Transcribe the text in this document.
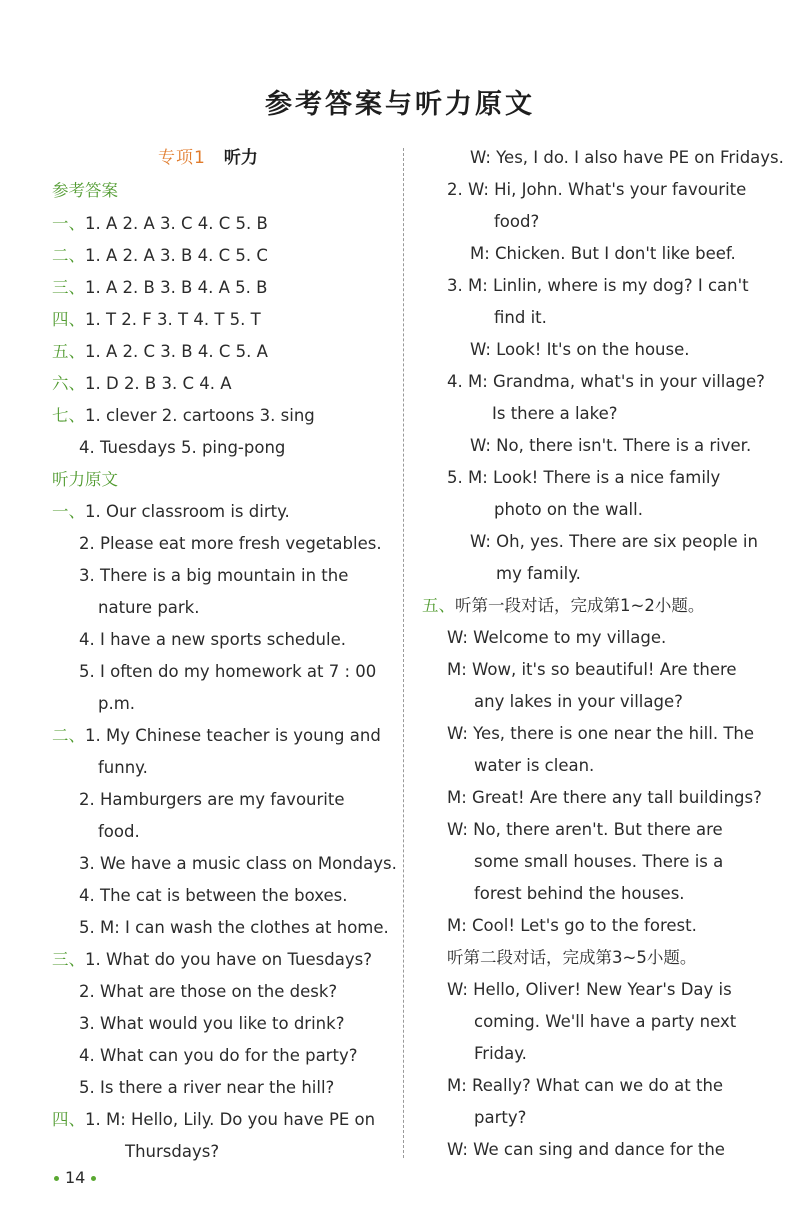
参考答案与听力原文
专项1 听力
参考答案
一、1. A 2. A 3. C 4. C 5. B
二、1. A 2. A 3. B 4. C 5. C
三、1. A 2. B 3. B 4. A 5. B
四、1. T 2. F 3. T 4. T 5. T
五、1. A 2. C 3. B 4. C 5. A
六、1. D 2. B 3. C 4. A
七、1. clever 2. cartoons 3. sing
4. Tuesdays 5. ping-pong
听力原文
一、1. Our classroom is dirty.
2. Please eat more fresh vegetables.
3. There is a big mountain in the
nature park.
4. I have a new sports schedule.
5. I often do my homework at 7 : 00
p.m.
二、1. My Chinese teacher is young and
funny.
2. Hamburgers are my favourite
food.
3. We have a music class on Mondays.
4. The cat is between the boxes.
5. M: I can wash the clothes at home.
三、1. What do you have on Tuesdays?
2. What are those on the desk?
3. What would you like to drink?
4. What can you do for the party?
5. Is there a river near the hill?
四、1. M: Hello, Lily. Do you have PE on
Thursdays?
W: Yes, I do. I also have PE on Fridays.
2. W: Hi, John. What's your favourite
food?
M: Chicken. But I don't like beef.
3. M: Linlin, where is my dog? I can't
find it.
W: Look! It's on the house.
4. M: Grandma, what's in your village?
Is there a lake?
W: No, there isn't. There is a river.
5. M: Look! There is a nice family
photo on the wall.
W: Oh, yes. There are six people in
my family.
五、听第一段对话，完成第1~2小题。
W: Welcome to my village.
M: Wow, it's so beautiful! Are there
any lakes in your village?
W: Yes, there is one near the hill. The
water is clean.
M: Great! Are there any tall buildings?
W: No, there aren't. But there are
some small houses. There is a
forest behind the houses.
M: Cool! Let's go to the forest.
听第二段对话，完成第3~5小题。
W: Hello, Oliver! New Year's Day is
coming. We'll have a party next
Friday.
M: Really? What can we do at the
party?
W: We can sing and dance for the
14
